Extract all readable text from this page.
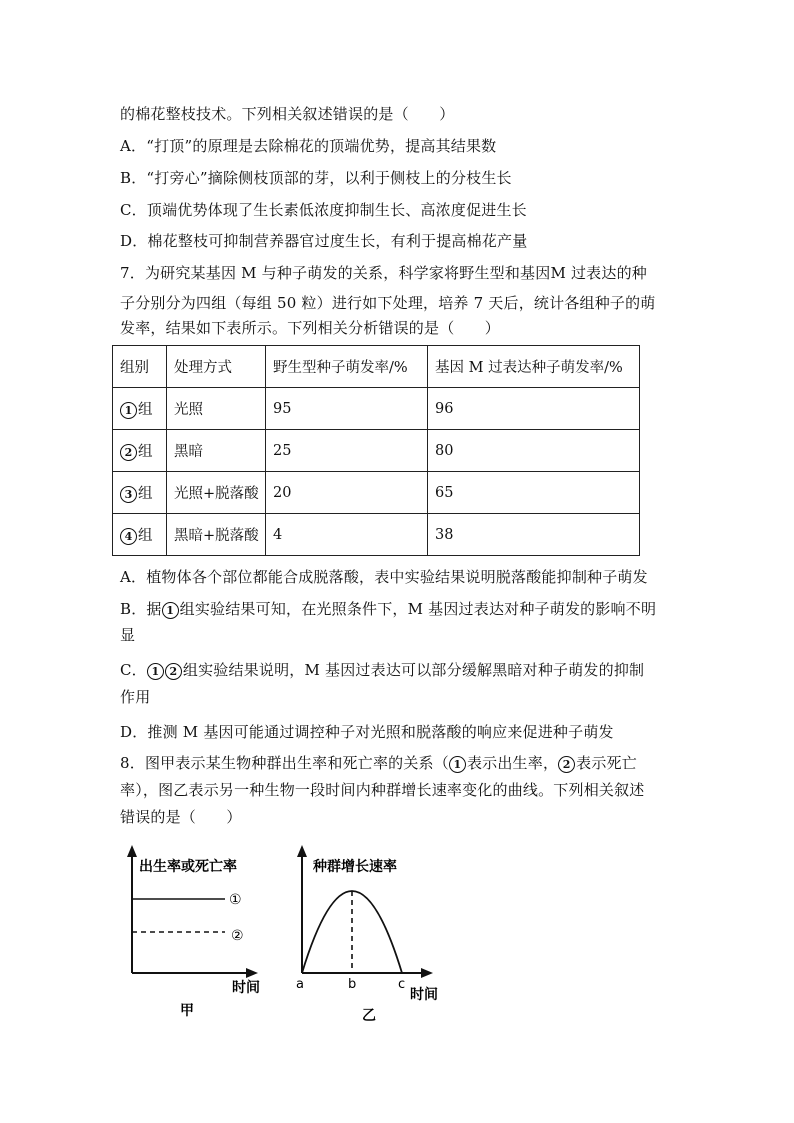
的棉花整枝技术。下列相关叙述错误的是（　　）
A．“打顶”的原理是去除棉花的顶端优势，提高其结果数
B．“打旁心”摘除侧枝顶部的芽，以利于侧枝上的分枝生长
C．顶端优势体现了生长素低浓度抑制生长、高浓度促进生长
D．棉花整枝可抑制营养器官过度生长，有利于提高棉花产量
7．为研究某基因 M 与种子萌发的关系，科学家将野生型和基因M 过表达的种
子分别分为四组（每组 50 粒）进行如下处理，培养 7 天后，统计各组种子的萌
发率，结果如下表所示。下列相关分析错误的是（　　）
组别	处理方式	野生型种子萌发率/%	基因 M 过表达种子萌发率/%
1 组	光照	95	96
2 组	黑暗	25	80
3 组	光照+脱落酸	20	65
4 组	黑暗+脱落酸	4	38
A．植物体各个部位都能合成脱落酸，表中实验结果说明脱落酸能抑制种子萌发
B．据 1 组实验结果可知，在光照条件下，M 基因过表达对种子萌发的影响不明
显
C． 1 2 组实验结果说明，M 基因过表达可以部分缓解黑暗对种子萌发的抑制
作用
D．推测 M 基因可能通过调控种子对光照和脱落酸的响应来促进种子萌发
8．图甲表示某生物种群出生率和死亡率的关系（ 1 表示出生率， 2 表示死亡
率），图乙表示另一种生物一段时间内种群增长速率变化的曲线。下列相关叙述
错误的是（　　）
出生率或死亡率
①
②
时间
甲
种群增长速率
a	b	c
时间
乙
